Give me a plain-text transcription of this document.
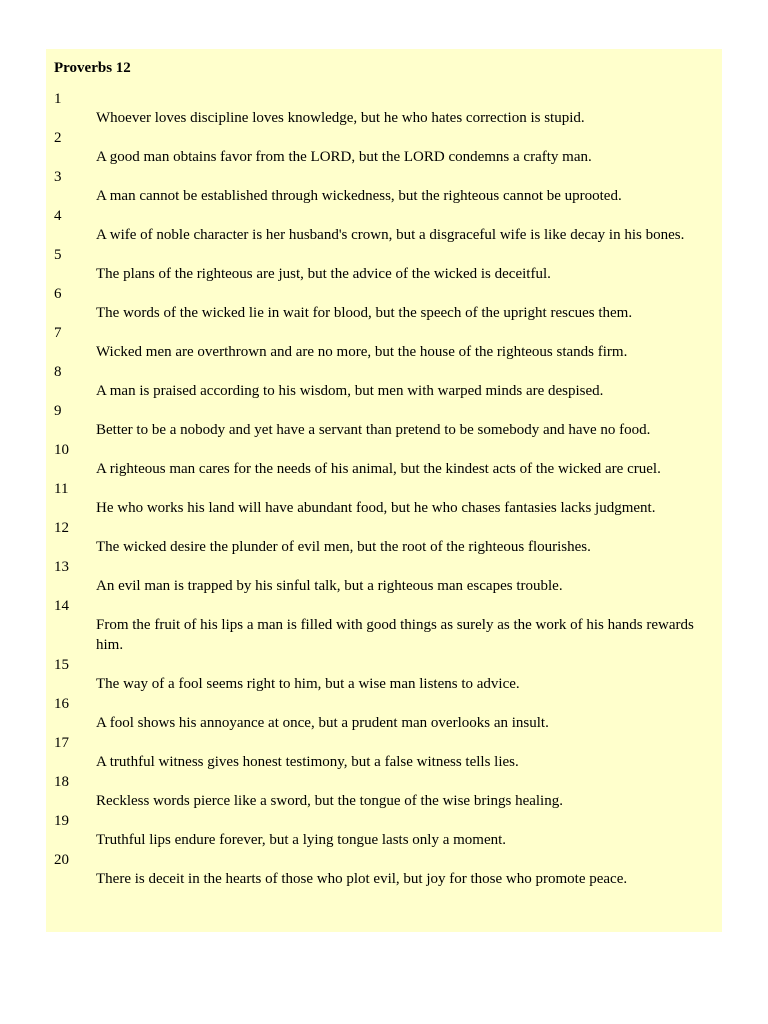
Proverbs 12
1
Whoever loves discipline loves knowledge, but he who hates correction is stupid.
2
A good man obtains favor from the LORD, but the LORD condemns a crafty man.
3
A man cannot be established through wickedness, but the righteous cannot be uprooted.
4
A wife of noble character is her husband's crown, but a disgraceful wife is like decay in his bones.
5
The plans of the righteous are just, but the advice of the wicked is deceitful.
6
The words of the wicked lie in wait for blood, but the speech of the upright rescues them.
7
Wicked men are overthrown and are no more, but the house of the righteous stands firm.
8
A man is praised according to his wisdom, but men with warped minds are despised.
9
Better to be a nobody and yet have a servant than pretend to be somebody and have no food.
10
A righteous man cares for the needs of his animal, but the kindest acts of the wicked are cruel.
11
He who works his land will have abundant food, but he who chases fantasies lacks judgment.
12
The wicked desire the plunder of evil men, but the root of the righteous flourishes.
13
An evil man is trapped by his sinful talk, but a righteous man escapes trouble.
14
From the fruit of his lips a man is filled with good things as surely as the work of his hands rewards him.
15
The way of a fool seems right to him, but a wise man listens to advice.
16
A fool shows his annoyance at once, but a prudent man overlooks an insult.
17
A truthful witness gives honest testimony, but a false witness tells lies.
18
Reckless words pierce like a sword, but the tongue of the wise brings healing.
19
Truthful lips endure forever, but a lying tongue lasts only a moment.
20
There is deceit in the hearts of those who plot evil, but joy for those who promote peace.
